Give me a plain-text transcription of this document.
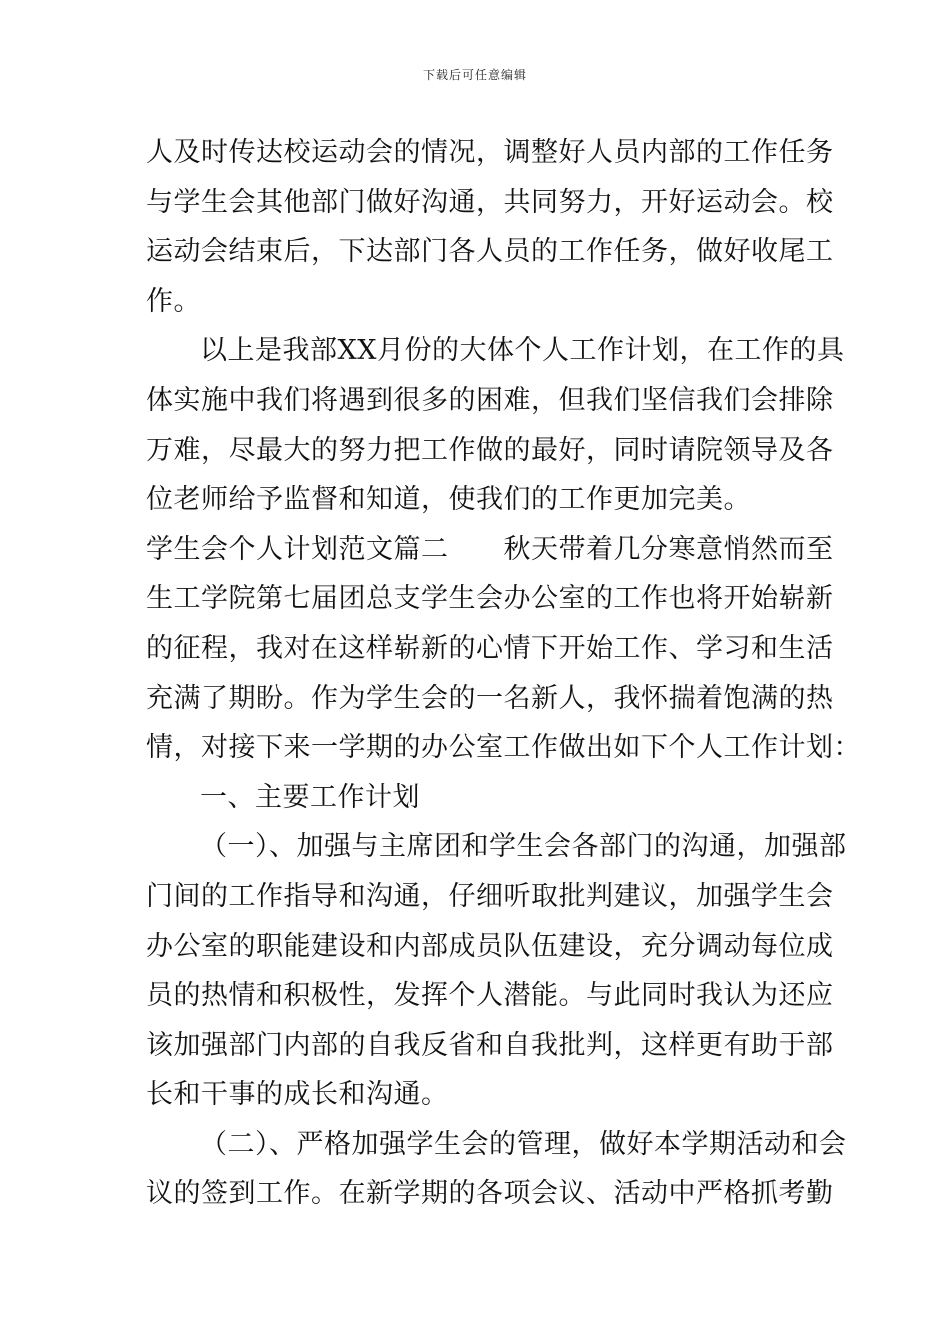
下载后可任意编辑
人及时传达校运动会的情况，调整好人员内部的工作任务
与学生会其他部门做好沟通，共同努力，开好运动会。校
运动会结束后，下达部门各人员的工作任务，做好收尾工
作。
以上是我部XX月份的大体个人工作计划，在工作的具
体实施中我们将遇到很多的困难，但我们坚信我们会排除
万难，尽最大的努力把工作做的最好，同时请院领导及各
位老师给予监督和知道，使我们的工作更加完美。
学生会个人计划范文篇二　　秋天带着几分寒意悄然而至
生工学院第七届团总支学生会办公室的工作也将开始崭新
的征程，我对在这样崭新的心情下开始工作、学习和生活
充满了期盼。作为学生会的一名新人，我怀揣着饱满的热
情，对接下来一学期的办公室工作做出如下个人工作计划：
一、主要工作计划
（一）、加强与主席团和学生会各部门的沟通，加强部
门间的工作指导和沟通，仔细听取批判建议，加强学生会
办公室的职能建设和内部成员队伍建设，充分调动每位成
员的热情和积极性，发挥个人潜能。与此同时我认为还应
该加强部门内部的自我反省和自我批判，这样更有助于部
长和干事的成长和沟通。
（二）、严格加强学生会的管理，做好本学期活动和会
议的签到工作。在新学期的各项会议、活动中严格抓考勤
